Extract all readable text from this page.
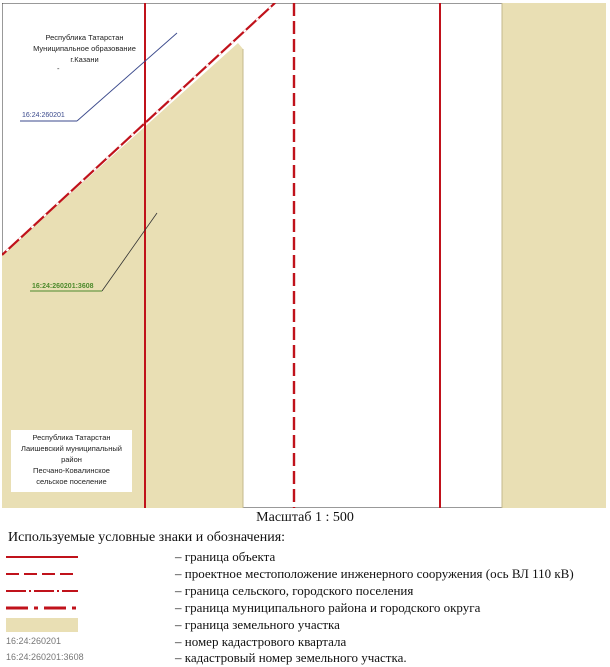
16:24:260201
16:24:260201:3608
Республика Татарстан
Муниципальное образование
г.Казани
-
Республика Татарстан
Лаишевский муниципальный
район
Песчано-Ковалинское
сельское поселение
Масштаб 1 : 500
Используемые условные знаки и обозначения:
– граница объекта
– проектное местоположение инженерного сооружения (ось ВЛ 110 кВ)
– граница сельского, городского поселения
– граница муниципального района и городского округа
– граница земельного участка
16:24:260201	– номер кадастрового квартала
16:24:260201:3608	– кадастровый номер земельного участка.
